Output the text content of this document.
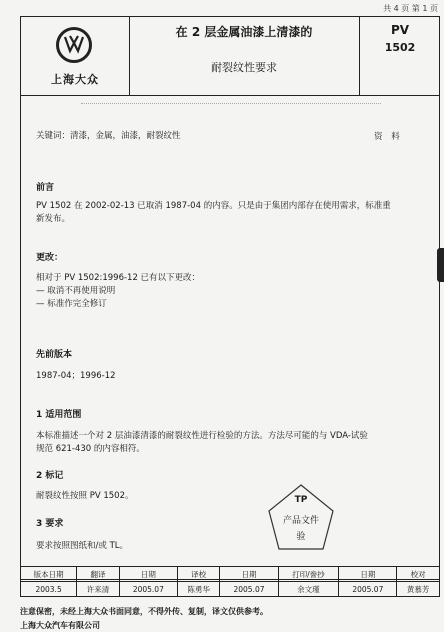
共 4 页 第 1 页
上海大众
在 2 层金属油漆上清漆的
耐裂纹性要求
PV
1502
资 料
关键词：清漆，金属，油漆，耐裂纹性
前言
PV 1502 在 2002-02-13 已取消 1987-04 的内容。只是由于集团内部存在使用需求，标准重
新发布。
更改：
相对于 PV 1502:1996-12 已有以下更改：
— 取消不再使用说明
— 标准作完全修订
先前版本
1987-04；1996-12
1 适用范围
本标准描述一个对 2 层油漆清漆的耐裂纹性进行检验的方法。方法尽可能的与 VDA-试验
规范 621-430 的内容相符。
2 标记
耐裂纹性按照 PV 1502。
3 要求
要求按照图纸和/或 TL。
TP
产品文件
验
版本日期	翻译	日期	译校	日期	打印/誊抄	日期	校对
2003.5	许来清	2005.07	陈勇华	2005.07	余文瑾	2005.07	黄慕芳
注意保密，未经上海大众书面同意，不得外传、复制，译文仅供参考。
上海大众汽车有限公司
